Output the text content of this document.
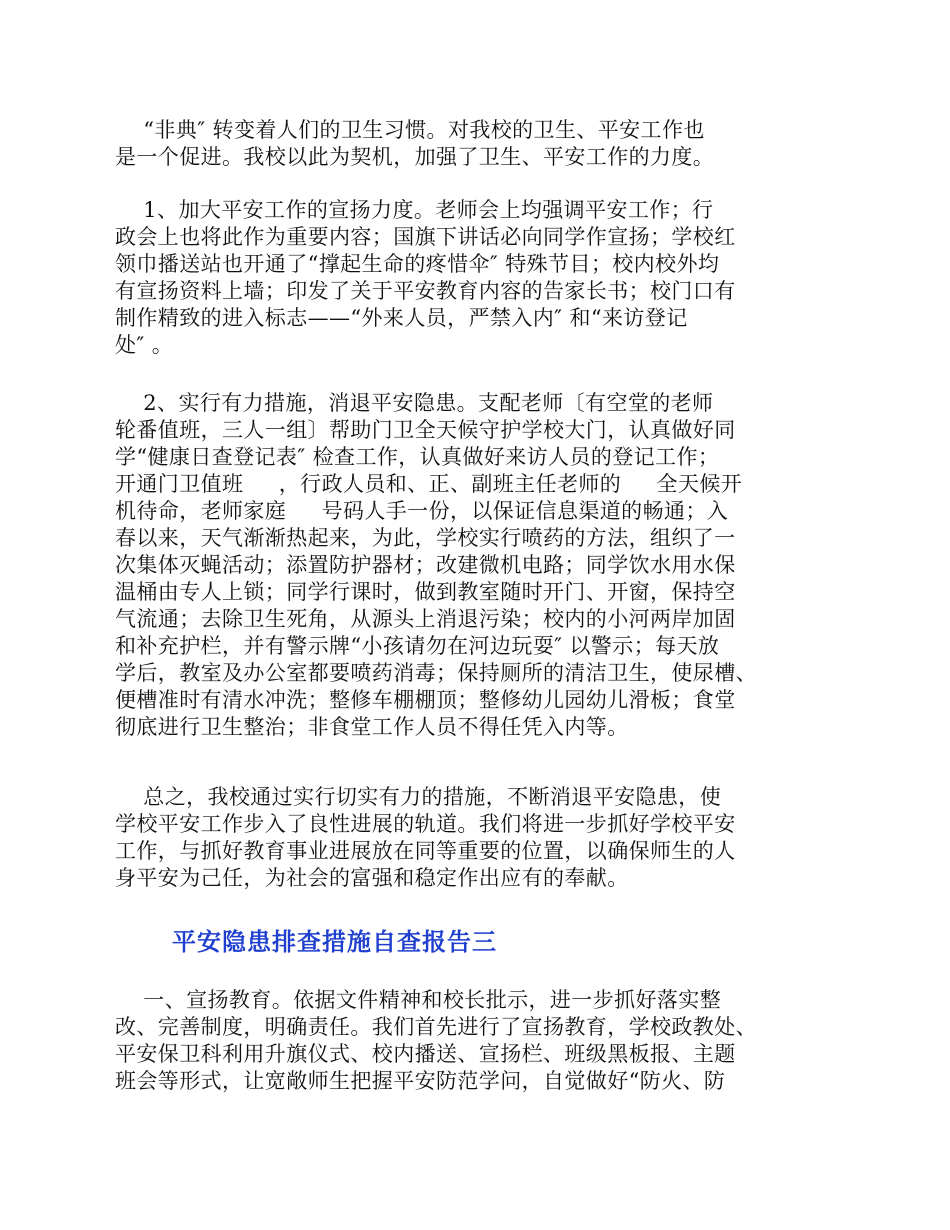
“非典″ 转变着人们的卫生习惯。对我校的卫生、平安工作也
是一个促进。我校以此为契机，加强了卫生、平安工作的力度。

1、加大平安工作的宣扬力度。老师会上均强调平安工作；行
政会上也将此作为重要内容；国旗下讲话必向同学作宣扬；学校红
领巾播送站也开通了“撑起生命的疼惜伞″ 特殊节目；校内校外均
有宣扬资料上墙；印发了关于平安教育内容的告家长书；校门口有
制作精致的进入标志——“外来人员，严禁入内″ 和“来访登记
处″ 。

2、实行有力措施，消退平安隐患。支配老师〔有空堂的老师
轮番值班，三人一组〕帮助门卫全天候守护学校大门，认真做好同
学“健康日查登记表″ 检查工作，认真做好来访人员的登记工作；
开通门卫值班     ，行政人员和、正、副班主任老师的     全天候开
机待命，老师家庭     号码人手一份，以保证信息渠道的畅通；入
春以来，天气渐渐热起来，为此，学校实行喷药的方法，组织了一
次集体灭蝇活动；添置防护器材；改建微机电路；同学饮水用水保
温桶由专人上锁；同学行课时，做到教室随时开门、开窗，保持空
气流通；去除卫生死角，从源头上消退污染；校内的小河两岸加固
和补充护栏，并有警示牌“小孩请勿在河边玩耍″ 以警示；每天放
学后，教室及办公室都要喷药消毒；保持厕所的清洁卫生，使尿槽、
便槽准时有清水冲洗；整修车棚棚顶；整修幼儿园幼儿滑板；食堂
彻底进行卫生整治；非食堂工作人员不得任凭入内等。

总之，我校通过实行切实有力的措施，不断消退平安隐患，使
学校平安工作步入了良性进展的轨道。我们将进一步抓好学校平安
工作，与抓好教育事业进展放在同等重要的位置，以确保师生的人
身平安为己任，为社会的富强和稳定作出应有的奉献。

平安隐患排查措施自查报告三

一、宣扬教育。依据文件精神和校长批示，进一步抓好落实整
改、完善制度，明确责任。我们首先进行了宣扬教育，学校政教处、
平安保卫科利用升旗仪式、校内播送、宣扬栏、班级黑板报、主题
班会等形式，让宽敞师生把握平安防范学问，自觉做好“防火、防
